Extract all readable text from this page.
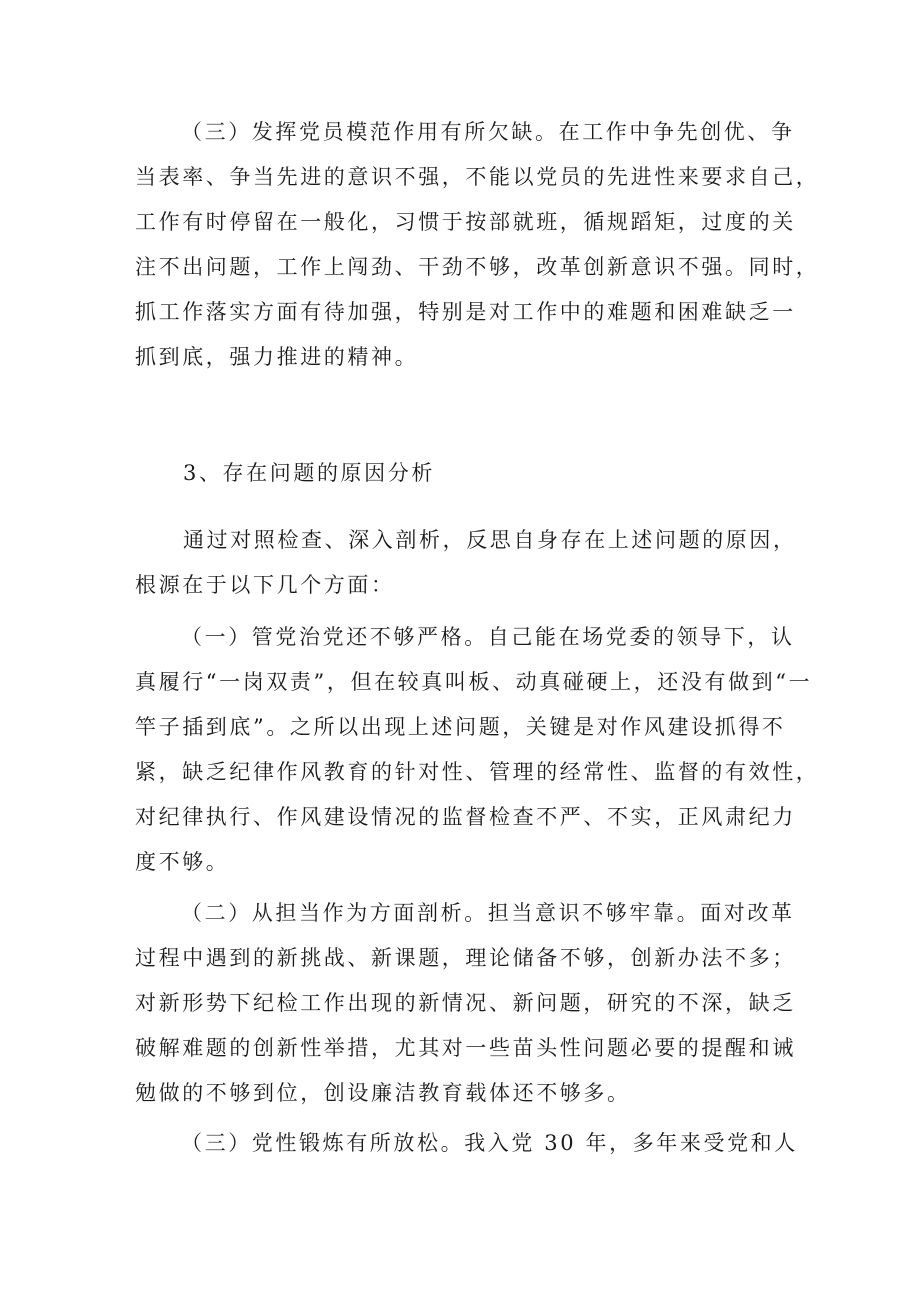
（三）发挥党员模范作用有所欠缺。在工作中争先创优、争
当表率、争当先进的意识不强，不能以党员的先进性来要求自己，
工作有时停留在一般化，习惯于按部就班，循规蹈矩，过度的关
注不出问题，工作上闯劲、干劲不够，改革创新意识不强。同时，
抓工作落实方面有待加强，特别是对工作中的难题和困难缺乏一
抓到底，强力推进的精神。
3、存在问题的原因分析
通过对照检查、深入剖析，反思自身存在上述问题的原因，
根源在于以下几个方面：
（一）管党治党还不够严格。自己能在场党委的领导下，认
真履行“一岗双责”，但在较真叫板、动真碰硬上，还没有做到“一
竿子插到底”。之所以出现上述问题，关键是对作风建设抓得不
紧，缺乏纪律作风教育的针对性、管理的经常性、监督的有效性，
对纪律执行、作风建设情况的监督检查不严、不实，正风肃纪力
度不够。
（二）从担当作为方面剖析。担当意识不够牢靠。面对改革
过程中遇到的新挑战、新课题，理论储备不够，创新办法不多；
对新形势下纪检工作出现的新情况、新问题，研究的不深，缺乏
破解难题的创新性举措，尤其对一些苗头性问题必要的提醒和诫
勉做的不够到位，创设廉洁教育载体还不够多。
（三）党性锻炼有所放松。我入党 30 年，多年来受党和人
